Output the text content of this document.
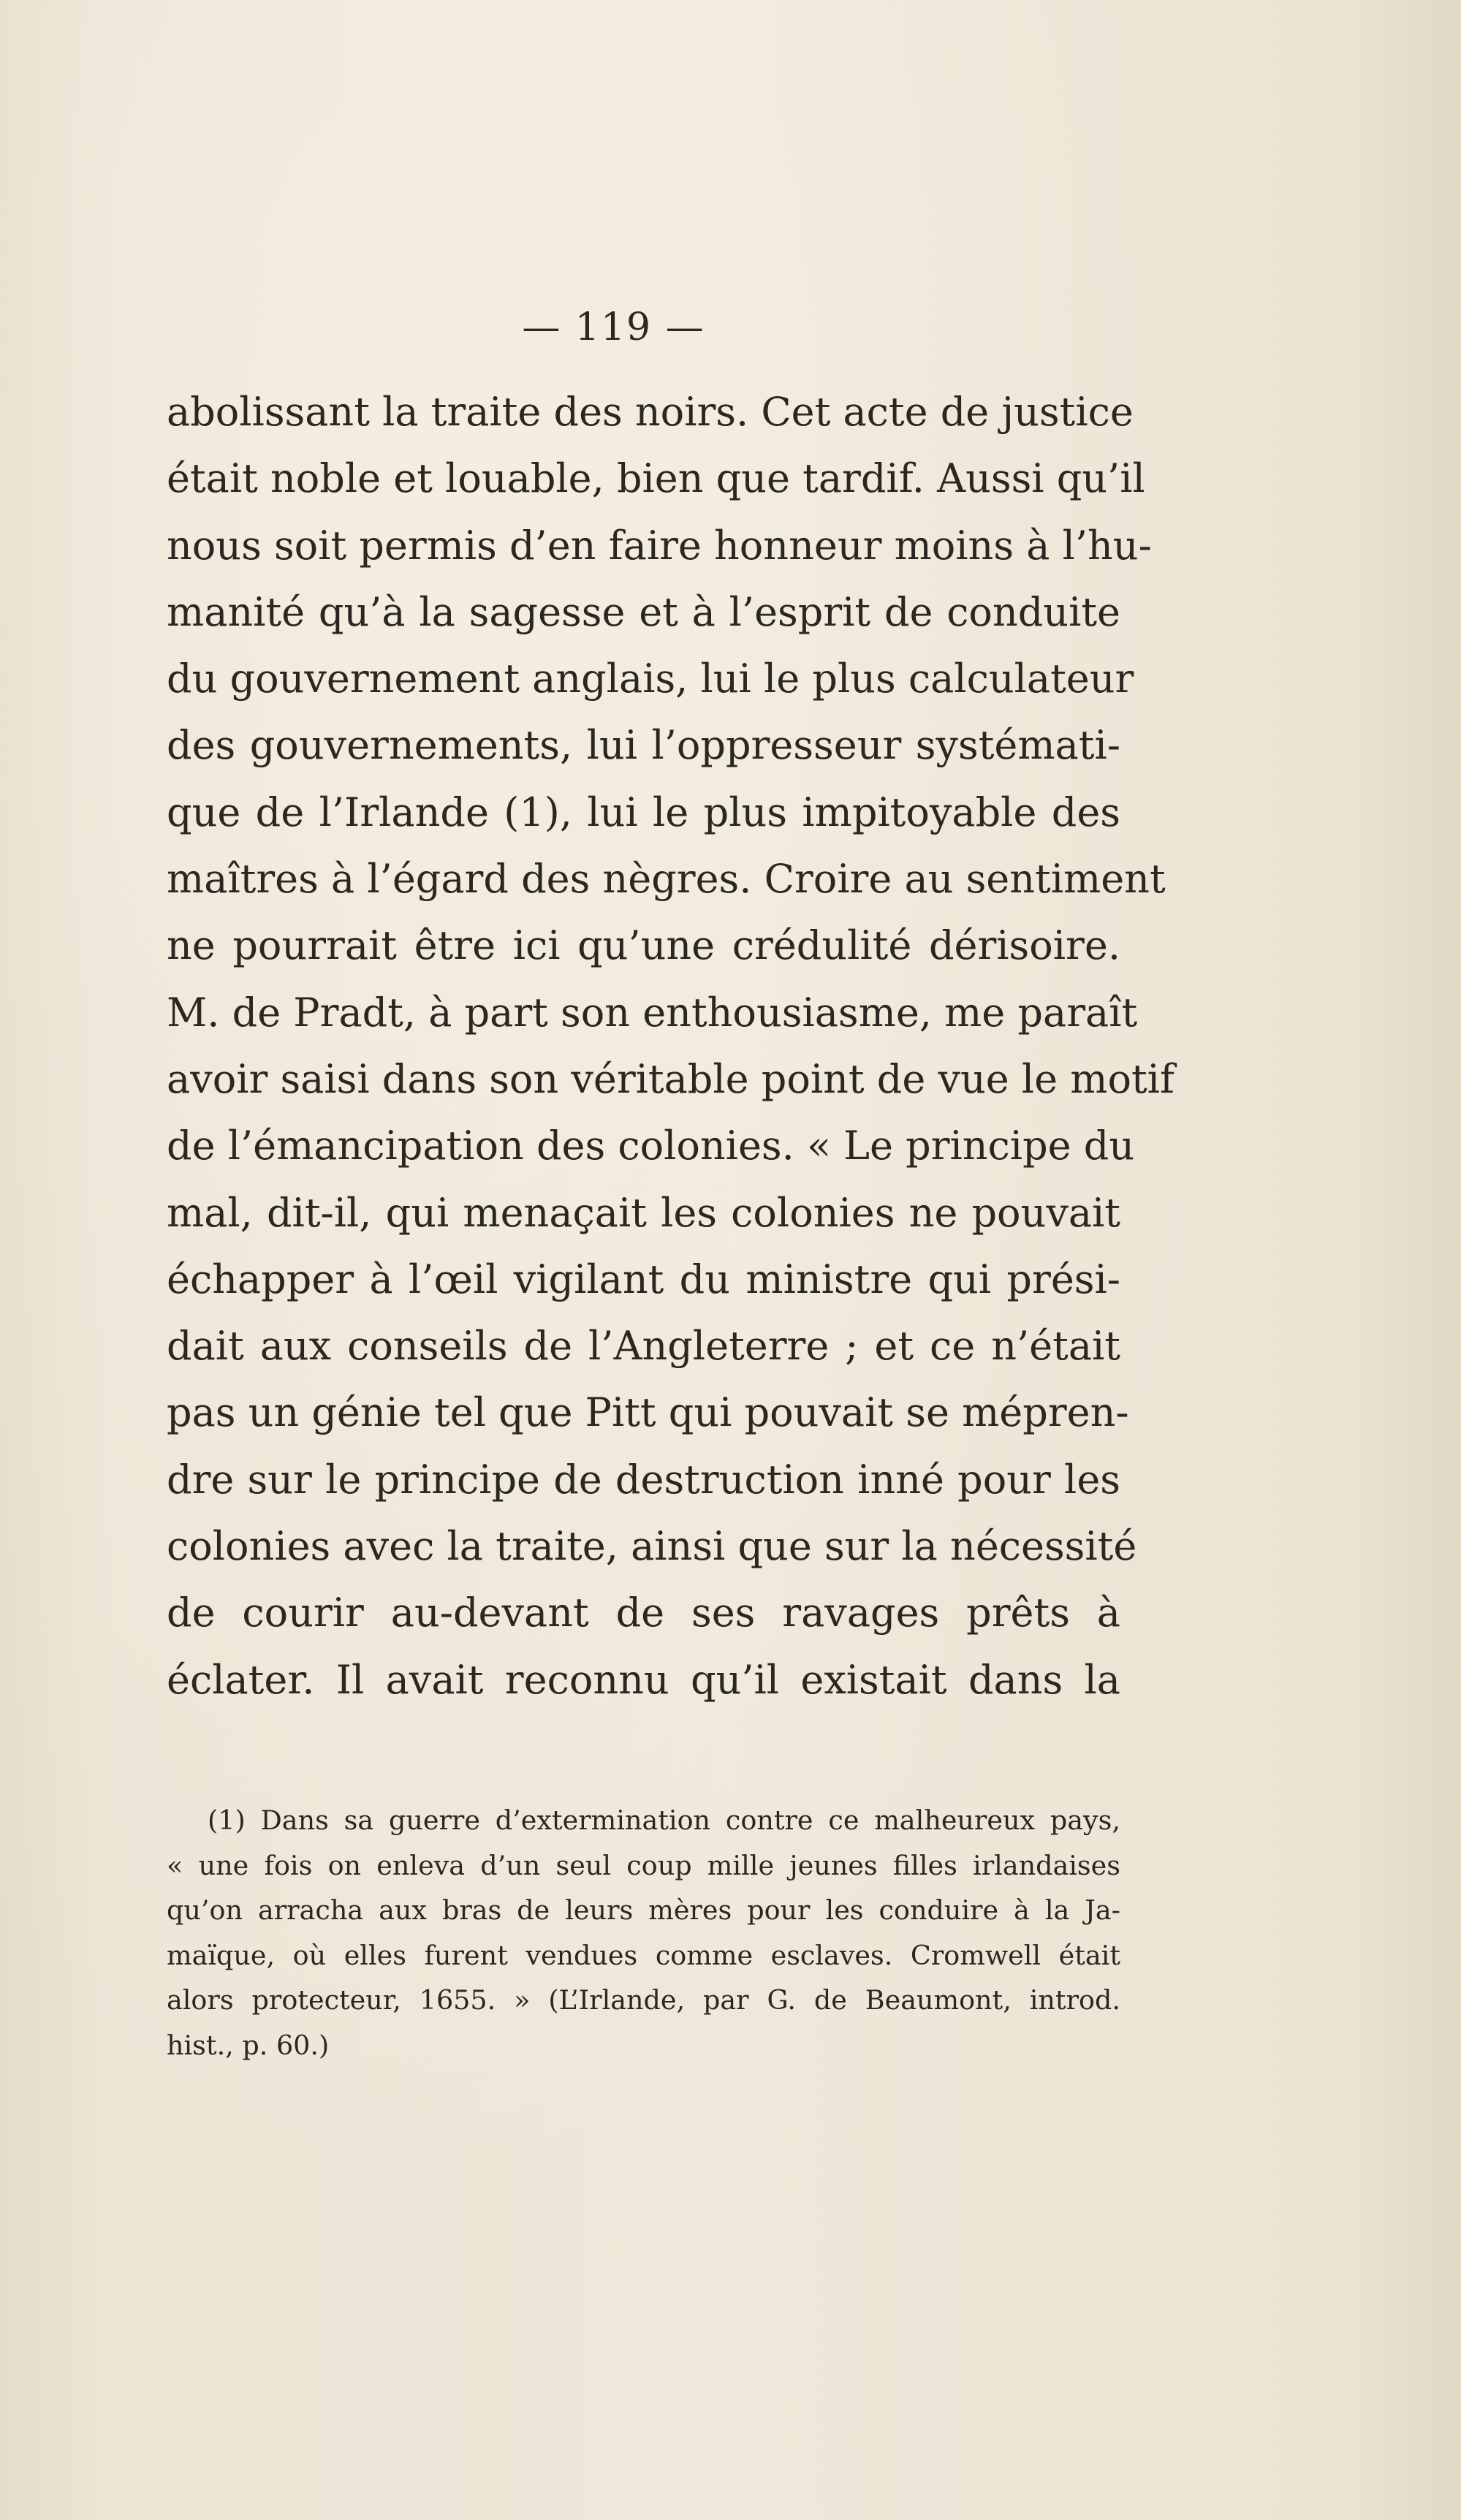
— 119 —
abolissant la traite des noirs. Cet acte de justice
était noble et louable, bien que tardif. Aussi qu’il
nous soit permis d’en faire honneur moins à l’hu-
manité qu’à la sagesse et à l’esprit de conduite
du gouvernement anglais, lui le plus calculateur
des gouvernements, lui l’oppresseur systémati-
que de l’Irlande (1), lui le plus impitoyable des
maîtres à l’égard des nègres. Croire au sentiment
ne pourrait être ici qu’une crédulité dérisoire.
M. de Pradt, à part son enthousiasme, me paraît
avoir saisi dans son véritable point de vue le motif
de l’émancipation des colonies. « Le principe du
mal, dit-il, qui menaçait les colonies ne pouvait
échapper à l’œil vigilant du ministre qui prési-
dait aux conseils de l’Angleterre ; et ce n’était
pas un génie tel que Pitt qui pouvait se mépren-
dre sur le principe de destruction inné pour les
colonies avec la traite, ainsi que sur la nécessité
de courir au-devant de ses ravages prêts à
éclater. Il avait reconnu qu’il existait dans la
(1) Dans sa guerre d’extermination contre ce malheureux pays,
« une fois on enleva d’un seul coup mille jeunes filles irlandaises
qu’on arracha aux bras de leurs mères pour les conduire à la Ja-
maïque, où elles furent vendues comme esclaves. Cromwell était
alors protecteur, 1655. » (L’Irlande, par G. de Beaumont, introd.
hist., p. 60.)
